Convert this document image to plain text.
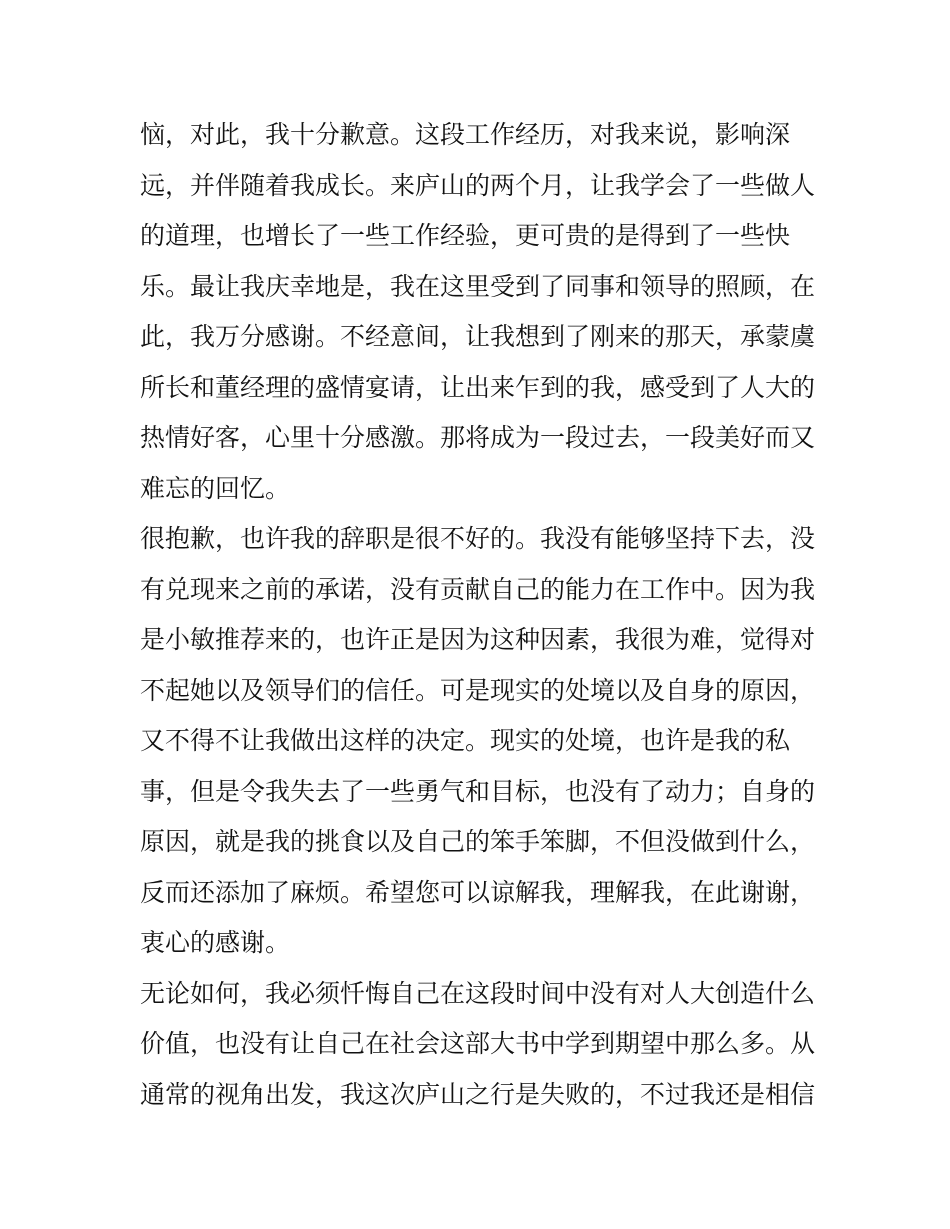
恼，对此，我十分歉意。这段工作经历，对我来说，影响深
远，并伴随着我成长。来庐山的两个月，让我学会了一些做人
的道理，也增长了一些工作经验，更可贵的是得到了一些快
乐。最让我庆幸地是，我在这里受到了同事和领导的照顾，在
此，我万分感谢。不经意间，让我想到了刚来的那天，承蒙虞
所长和董经理的盛情宴请，让出来乍到的我，感受到了人大的
热情好客，心里十分感激。那将成为一段过去，一段美好而又
难忘的回忆。
很抱歉，也许我的辞职是很不好的。我没有能够坚持下去，没
有兑现来之前的承诺，没有贡献自己的能力在工作中。因为我
是小敏推荐来的，也许正是因为这种因素，我很为难，觉得对
不起她以及领导们的信任。可是现实的处境以及自身的原因，
又不得不让我做出这样的决定。现实的处境，也许是我的私
事，但是令我失去了一些勇气和目标，也没有了动力；自身的
原因，就是我的挑食以及自己的笨手笨脚，不但没做到什么，
反而还添加了麻烦。希望您可以谅解我，理解我，在此谢谢，
衷心的感谢。
无论如何，我必须忏悔自己在这段时间中没有对人大创造什么
价值，也没有让自己在社会这部大书中学到期望中那么多。从
通常的视角出发，我这次庐山之行是失败的，不过我还是相信
